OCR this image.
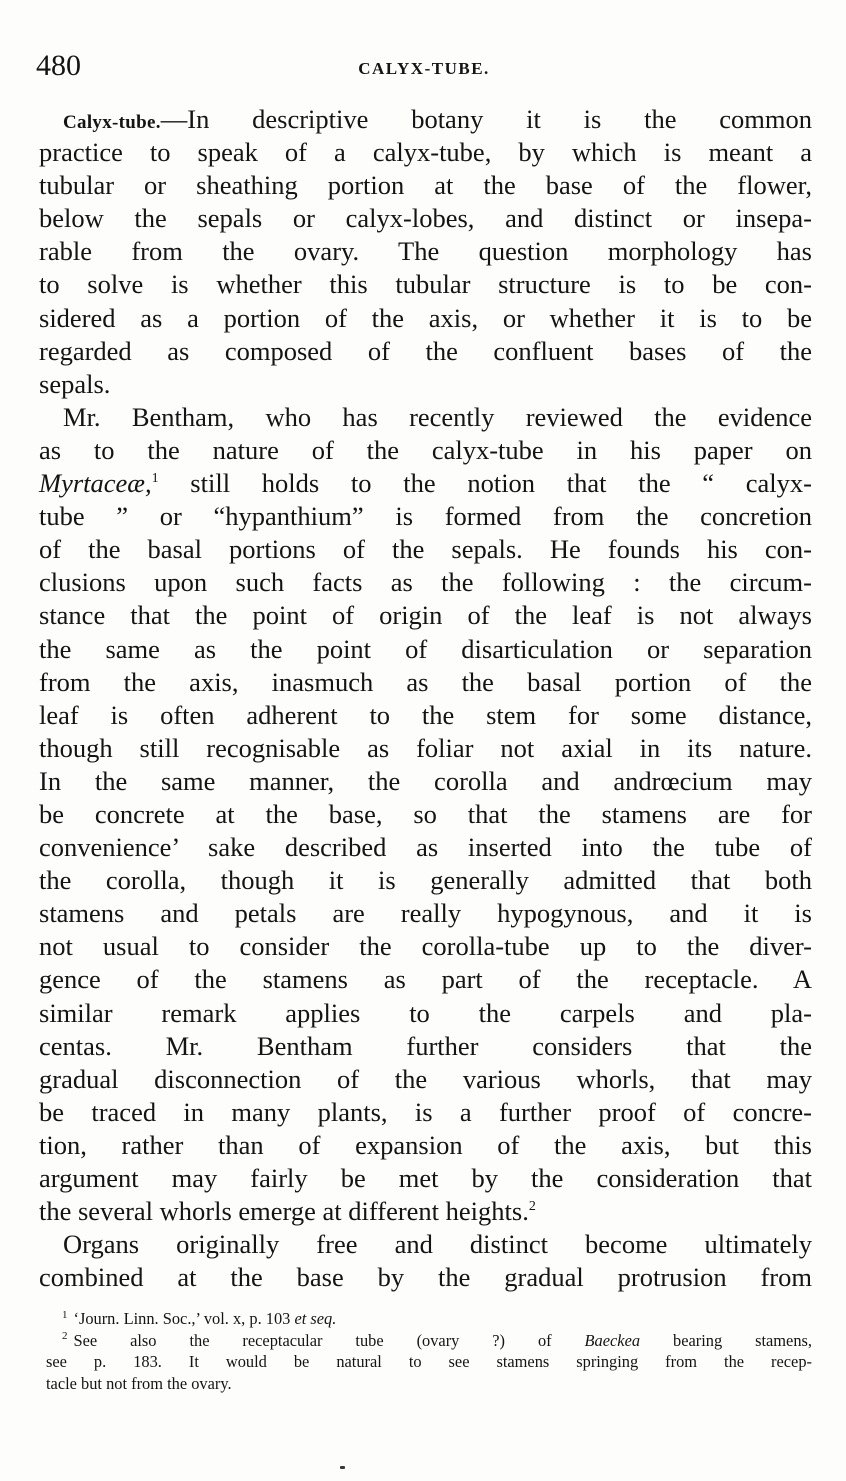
480	CALYX-TUBE.
Calyx-tube.—In descriptive botany it is the common
practice to speak of a calyx-tube, by which is meant a
tubular or sheathing portion at the base of the flower,
below the sepals or calyx-lobes, and distinct or insepa-
rable from the ovary. The question morphology has
to solve is whether this tubular structure is to be con-
sidered as a portion of the axis, or whether it is to be
regarded as composed of the confluent bases of the
sepals.
Mr. Bentham, who has recently reviewed the evidence
as to the nature of the calyx-tube in his paper on
Myrtaceæ,$^1$ still holds to the notion that the “ calyx-
tube ” or “hypanthium” is formed from the concretion
of the basal portions of the sepals. He founds his con-
clusions upon such facts as the following : the circum-
stance that the point of origin of the leaf is not always
the same as the point of disarticulation or separation
from the axis, inasmuch as the basal portion of the
leaf is often adherent to the stem for some distance,
though still recognisable as foliar not axial in its nature.
In the same manner, the corolla and andrœcium may
be concrete at the base, so that the stamens are for
convenience’ sake described as inserted into the tube of
the corolla, though it is generally admitted that both
stamens and petals are really hypogynous, and it is
not usual to consider the corolla-tube up to the diver-
gence of the stamens as part of the receptacle. A
similar remark applies to the carpels and pla-
centas. Mr. Bentham further considers that the
gradual disconnection of the various whorls, that may
be traced in many plants, is a further proof of concre-
tion, rather than of expansion of the axis, but this
argument may fairly be met by the consideration that
the several whorls emerge at different heights.$^2$
Organs originally free and distinct become ultimately
combined at the base by the gradual protrusion from
$^1$ ‘Journ. Linn. Soc.,’ vol. x, p. 103 et seq.
$^2$ See also the receptacular tube (ovary ?) of Baeckea bearing stamens,
see p. 183. It would be natural to see stamens springing from the recep-
tacle but not from the ovary.
